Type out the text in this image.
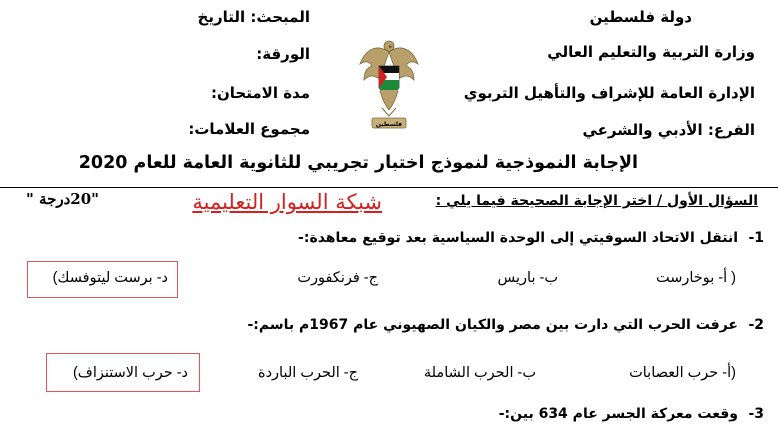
دولة فلسطين
وزارة التربية والتعليم العالي
الإدارة العامة للإشراف والتأهيل التربوي
الفرع: الأدبي والشرعي
المبحث: التاريخ
الورقة:
مدة الامتحان:
مجموع العلامات:	فلسطين
الإجابة النموذجية لنموذج اختبار تجريبي للثانوية العامة للعام 2020
السؤال الأول / اختر الإجابة الصحيحة فيما يلي :
شبكة السوار التعليمية
"20درجة "
1-
انتقل الاتحاد السوفيتي إلى الوحدة السياسية بعد توقيع معاهدة:-
( أ- بوخارست
ب- باريس
ج- فرنكفورت
د- برست ليتوفسك)
2-
عرفت الحرب التي دارت بين مصر والكيان الصهيوني عام 1967م باسم:-
(أ- حرب العصابات
ب- الحرب الشاملة
ج- الحرب الباردة
د- حرب الاستنزاف)
3-
وقعت معركة الجسر عام 634 بين:-
